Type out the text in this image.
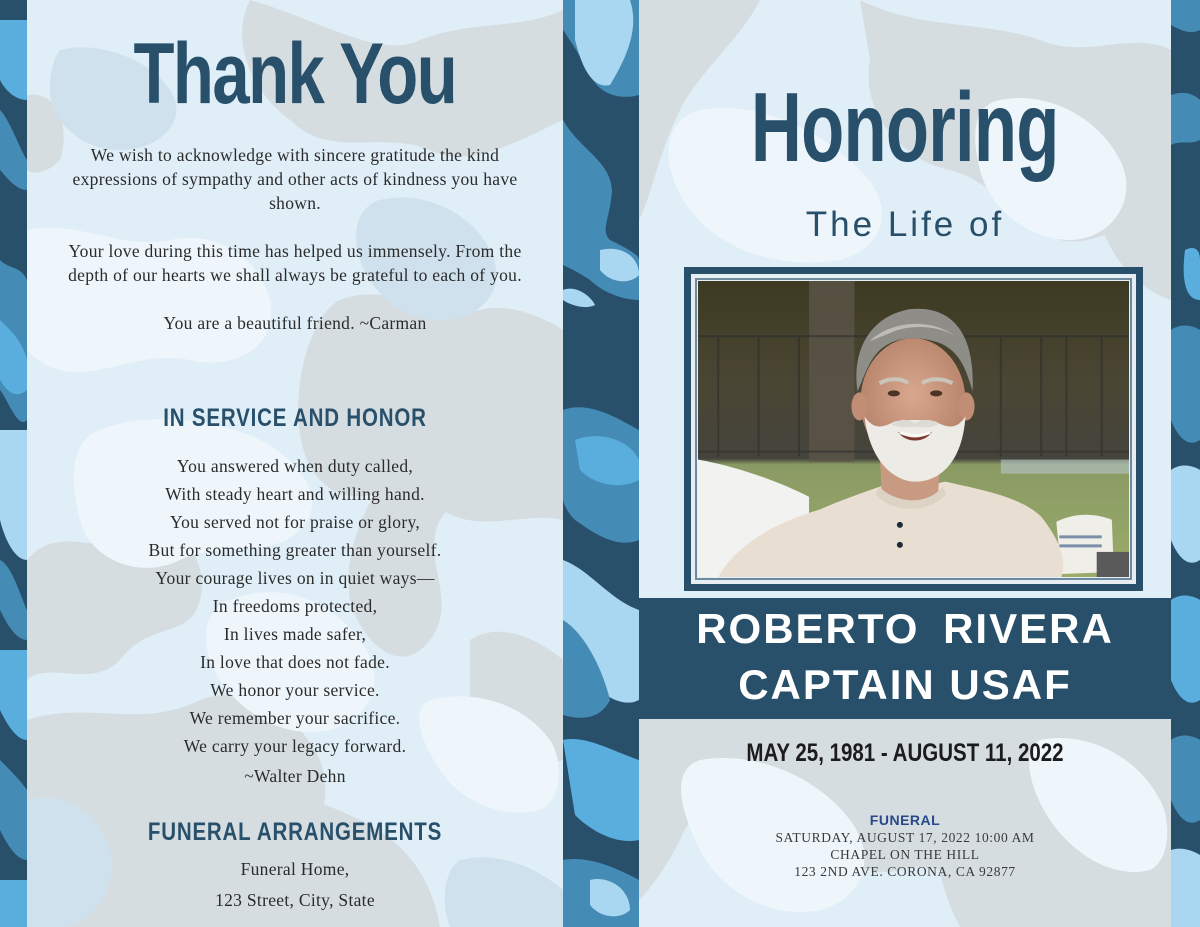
Thank You

We wish to acknowledge with sincere gratitude the kind expressions of sympathy and other acts of kindness you have shown.

Your love during this time has helped us immensely. From the depth of our hearts we shall always be grateful to each of you.

You are a beautiful friend. ~Carman

IN SERVICE AND HONOR
You answered when duty called,
With steady heart and willing hand.
You served not for praise or glory,
But for something greater than yourself.
Your courage lives on in quiet ways—
In freedoms protected,
In lives made safer,
In love that does not fade.
We honor your service.
We remember your sacrifice.
We carry your legacy forward.
~Walter Dehn
FUNERAL ARRANGEMENTS
Funeral Home,
123 Street, City, State
Honoring
The Life of
ROBERTO RIVERA
CAPTAIN USAF
MAY 25, 1981 - AUGUST 11, 2022
FUNERAL
SATURDAY, AUGUST 17, 2022 10:00 AM
CHAPEL ON THE HILL
123 2ND AVE. CORONA, CA 92877
